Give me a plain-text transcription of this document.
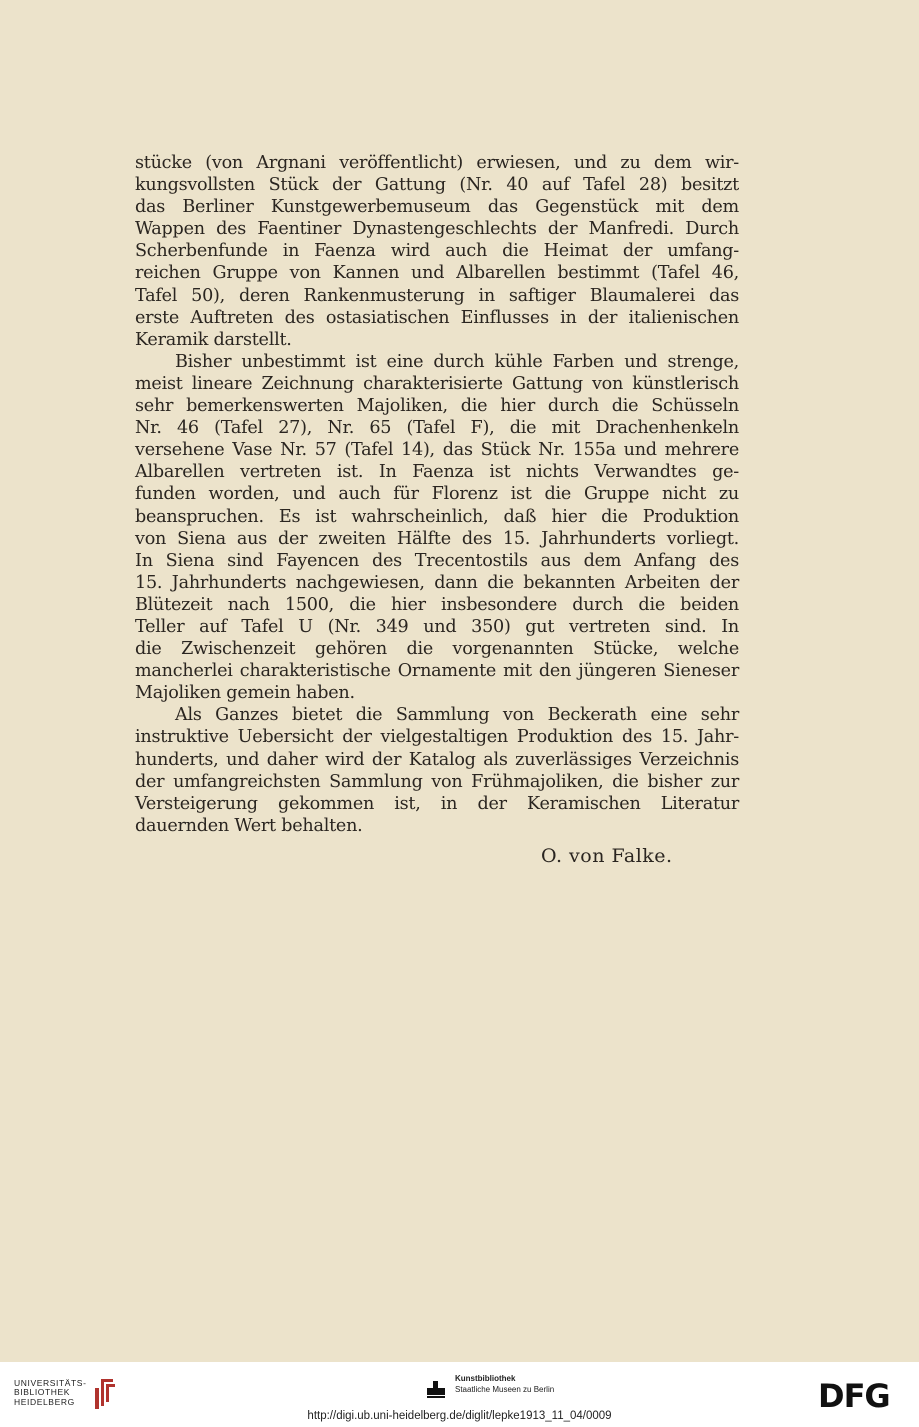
stücke (von Argnani veröffentlicht) erwiesen, und zu dem wir-
kungsvollsten Stück der Gattung (Nr. 40 auf Tafel 28) besitzt
das Berliner Kunstgewerbemuseum das Gegenstück mit dem
Wappen des Faentiner Dynastengeschlechts der Manfredi. Durch
Scherbenfunde in Faenza wird auch die Heimat der umfang-
reichen Gruppe von Kannen und Albarellen bestimmt (Tafel 46,
Tafel 50), deren Rankenmusterung in saftiger Blaumalerei das
erste Auftreten des ostasiatischen Einflusses in der italienischen
Keramik darstellt.
Bisher unbestimmt ist eine durch kühle Farben und strenge,
meist lineare Zeichnung charakterisierte Gattung von künstlerisch
sehr bemerkenswerten Majoliken, die hier durch die Schüsseln
Nr. 46 (Tafel 27), Nr. 65 (Tafel F), die mit Drachenhenkeln
versehene Vase Nr. 57 (Tafel 14), das Stück Nr. 155a und mehrere
Albarellen vertreten ist. In Faenza ist nichts Verwandtes ge-
funden worden, und auch für Florenz ist die Gruppe nicht zu
beanspruchen. Es ist wahrscheinlich, daß hier die Produktion
von Siena aus der zweiten Hälfte des 15. Jahrhunderts vorliegt.
In Siena sind Fayencen des Trecentostils aus dem Anfang des
15. Jahrhunderts nachgewiesen, dann die bekannten Arbeiten der
Blütezeit nach 1500, die hier insbesondere durch die beiden
Teller auf Tafel U (Nr. 349 und 350) gut vertreten sind. In
die Zwischenzeit gehören die vorgenannten Stücke, welche
mancherlei charakteristische Ornamente mit den jüngeren Sieneser
Majoliken gemein haben.
Als Ganzes bietet die Sammlung von Beckerath eine sehr
instruktive Uebersicht der vielgestaltigen Produktion des 15. Jahr-
hunderts, und daher wird der Katalog als zuverlässiges Verzeichnis
der umfangreichsten Sammlung von Frühmajoliken, die bisher zur
Versteigerung gekommen ist, in der Keramischen Literatur
dauernden Wert behalten.
O. von Falke.
UNIVERSITÄTS-
BIBLIOTHEK
HEIDELBERG
Kunstbibliothek
Staatliche Museen zu Berlin	DFG
http://digi.ub.uni-heidelberg.de/diglit/lepke1913_11_04/0009
